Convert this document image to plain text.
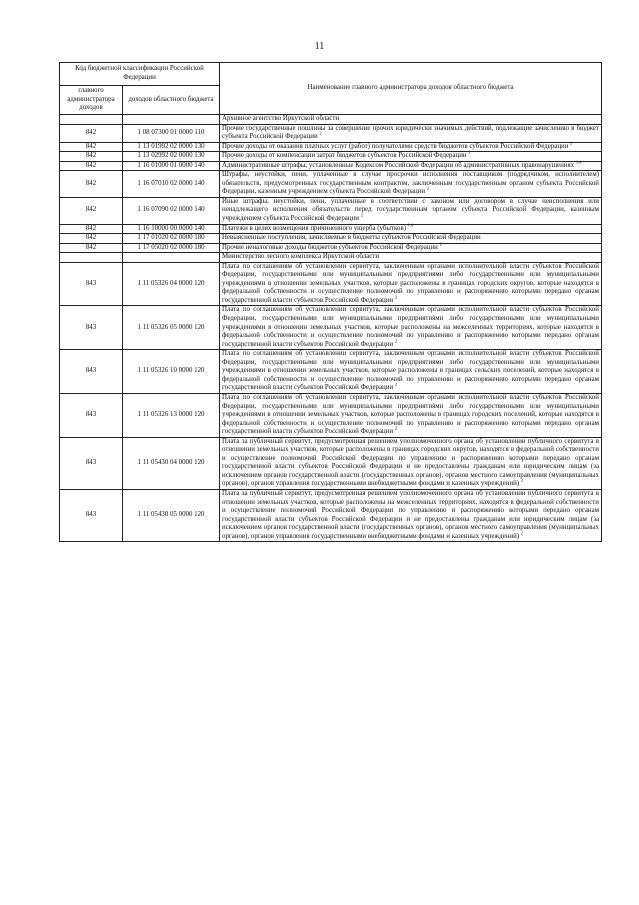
11
Код бюджетной классификации Российской Федерации		Наименование главного администратора доходов областного бюджета
главного администратора доходов	доходов областного бюджета	
		Архивное агентство Иркутской области
842	1 08 07300 01 0000 110	Прочие государственные пошлины за совершение прочих юридически значимых действий, подлежащие зачислению в бюджет субъекта Российской Федерации $^2$
842	1 13 01992 02 0000 130	Прочие доходы от оказания платных услуг (работ) получателями средств бюджетов субъектов Российской Федерации $^2$
842	1 13 02992 02 0000 130	Прочие доходы от компенсации затрат бюджетов субъектов Российской Федерации $^2$
842	1 16 01000 01 0000 140	Административные штрафы, установленные Кодексом Российской Федерации об административных правонарушениях $^{1,4}$
842	1 16 07010 02 0000 140	Штрафы, неустойки, пени, уплаченные в случае просрочки исполнения поставщиком (подрядчиком, исполнителем) обязательств, предусмотренных государственным контрактом, заключенным государственным органом субъекта Российской Федерации, казенным учреждением субъекта Российской Федерации $^2$
842	1 16 07090 02 0000 140	Иные штрафы, неустойки, пени, уплаченные в соответствии с законом или договором в случае неисполнения или ненадлежащего исполнения обязательств перед государственным органом субъекта Российской Федерации, казенным учреждением субъекта Российской Федерации $^2$
842	1 16 10000 00 0000 140	Платежи в целях возмещения причиненного ущерба (убытков) $^{1,4}$
842	1 17 01020 02 0000 180	Невыясненные поступления, зачисляемые в бюджеты субъектов Российской Федерации
842	1 17 05020 02 0000 180	Прочие неналоговые доходы бюджетов субъектов Российской Федерации $^2$
		Министерство лесного комплекса Иркутской области
843	1 11 05326 04 0000 120	Плата по соглашениям об установлении сервитута, заключенным органами исполнительной власти субъектов Российской Федерации, государственными или муниципальными предприятиями либо государственными или муниципальными учреждениями в отношении земельных участков, которые расположены в границах городских округов, которые находятся в федеральной собственности и осуществление полномочий по управлению и распоряжению которыми передано органам государственной власти субъектов Российской Федерации $^2$
843	1 11 05326 05 0000 120	Плата по соглашениям об установлении сервитута, заключенным органами исполнительной власти субъектов Российской Федерации, государственными или муниципальными предприятиями либо государственными или муниципальными учреждениями в отношении земельных участков, которые расположены на межселенных территориях, которые находятся в федеральной собственности и осуществление полномочий по управлению и распоряжению которыми передано органам государственной власти субъектов Российской Федерации $^2$
843	1 11 05326 10 0000 120	Плата по соглашениям об установлении сервитута, заключенным органами исполнительной власти субъектов Российской Федерации, государственными или муниципальными предприятиями либо государственными или муниципальными учреждениями в отношении земельных участков, которые расположены в границах сельских поселений, которые находятся в федеральной собственности и осуществление полномочий по управлению и распоряжению которыми передано органам государственной власти субъектов Российской Федерации $^2$
843	1 11 05326 13 0000 120	Плата по соглашениям об установлении сервитута, заключенным органами исполнительной власти субъектов Российской Федерации, государственными или муниципальными предприятиями либо государственными или муниципальными учреждениями в отношении земельных участков, которые расположены в границах городских поселений, которые находятся в федеральной собственности и осуществление полномочий по управлению и распоряжению которыми передано органам государственной власти субъектов Российской Федерации $^2$
843	1 11 05430 04 0000 120	Плата за публичный сервитут, предусмотренная решением уполномоченного органа об установлении публичного сервитута в отношении земельных участков, которые расположены в границах городских округов, находятся в федеральной собственности и осуществление полномочий Российской Федерации по управлению и распоряжению которыми передано органам государственной власти субъектов Российской Федерации и не предоставлены гражданам или юридическим лицам (за исключением органов государственной власти (государственных органов), органов местного самоуправления (муниципальных органов), органов управления государственными внебюджетными фондами и казенных учреждений) $^2$
843	1 11 05430 05 0000 120	Плата за публичный сервитут, предусмотренная решением уполномоченного органа об установлении публичного сервитута в отношении земельных участков, которые расположены на межселенных территориях, находятся в федеральной собственности и осуществление полномочий Российской Федерации по управлению и распоряжению которыми передано органам государственной власти субъектов Российской Федерации и не предоставлены гражданам или юридическим лицам (за исключением органов государственной власти (государственных органов), органов местного самоуправления (муниципальных органов), органов управления государственными внебюджетными фондами и казенных учреждений) $^2$
